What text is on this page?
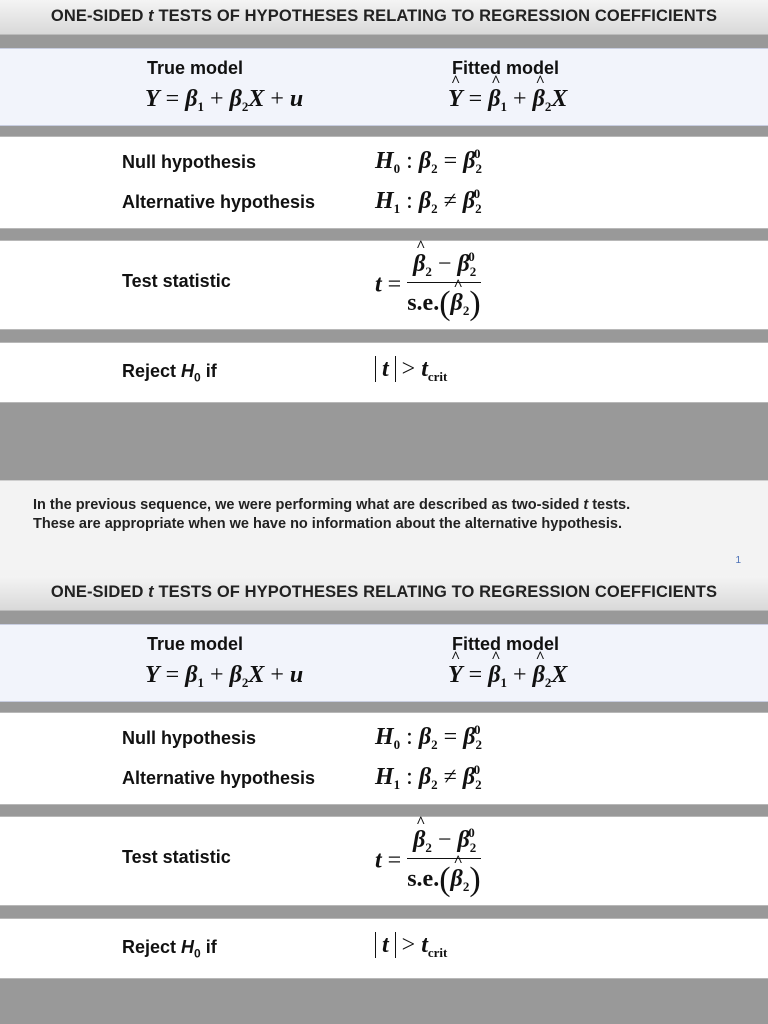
ONE-SIDED t TESTS OF HYPOTHESES RELATING TO REGRESSION COEFFICIENTS
True model
$Y = \beta_1 + \beta_2X + u$
Fitted model
^ Y = ^ $\beta_1$ + ^ $\beta_2X$
Null hypothesis	$H_0$ : $\beta_2 = \beta_2^0$
Alternative hypothesis $H_1$ : $\beta_2 \ne \beta_2^0$
Test statistic	t = ^ $\frac{\beta_2 - \beta_2^0}{s.e.(\^{} \beta_2)}$
Reject $H_0$ if	$t > t_{crit}$
In the previous sequence, we were performing what are described as two-sided t tests.
These are appropriate when we have no information about the alternative hypothesis.
1
ONE-SIDED t TESTS OF HYPOTHESES RELATING TO REGRESSION COEFFICIENTS
True model
$Y = \beta_1 + \beta_2X + u$
Fitted model
^ Y = ^ $\beta_1$ + ^ $\beta_2X$
Null hypothesis	$H_0$ : $\beta_2 = \beta_2^0$
Alternative hypothesis $H_1$ : $\beta_2 \ne \beta_2^0$
Test statistic	t = ^ $\frac{\beta_2 - \beta_2^0}{s.e.(\^{} \beta_2)}$
Reject $H_0$ if	$t > t_{crit}$
